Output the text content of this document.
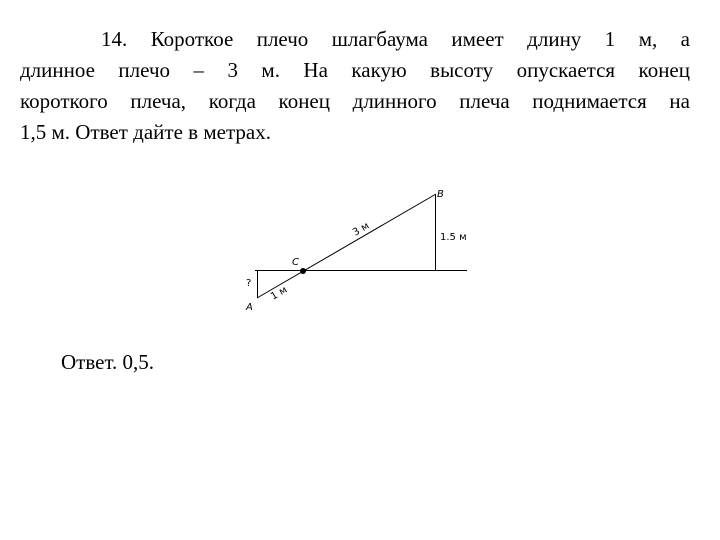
14. Короткое плечо шлагбаума имеет длину 1 м, а
длинное плечо – 3 м. На какую высоту опускается конец
короткого плеча, когда конец длинного плеча поднимается на
1,5 м. Ответ дайте в метрах.
B
C
A
?
1.5 м
3 м
1 м
Ответ. 0,5.
